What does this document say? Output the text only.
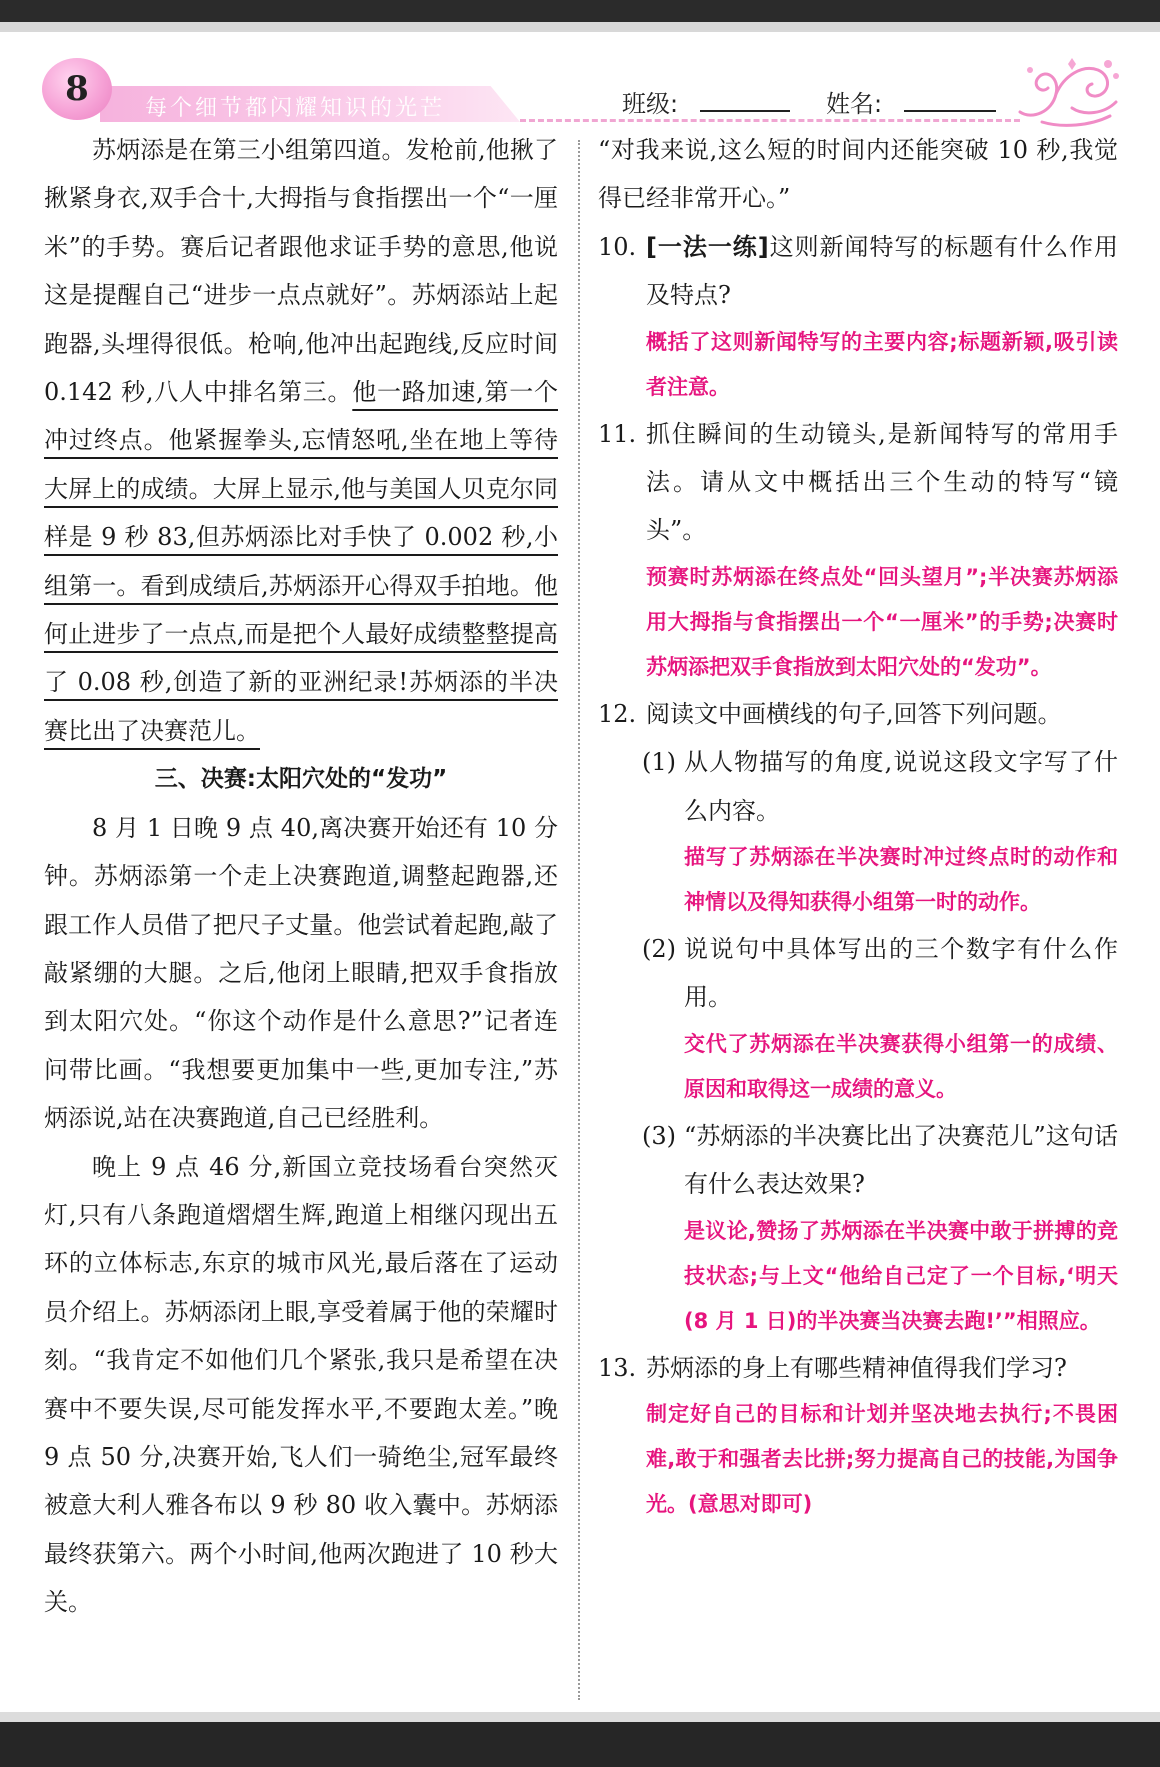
每个细节都闪耀知识的光芒
8	班级:	姓名:

苏炳添是在第三小组第四道。发枪前,他揪了揪紧身衣,双手合十,大拇指与食指摆出一个“一厘米”的手势。赛后记者跟他求证手势的意思,他说这是提醒自己“进步一点点就好”。苏炳添站上起跑器,头埋得很低。枪响,他冲出起跑线,反应时间 0.142 秒,八人中排名第三。他一路加速,第一个冲过终点。他紧握拳头,忘情怒吼,坐在地上等待大屏上的成绩。大屏上显示,他与美国人贝克尔同样是 9 秒 83,但苏炳添比对手快了 0.002 秒,小组第一。看到成绩后,苏炳添开心得双手拍地。他何止进步了一点点,而是把个人最好成绩整整提高了 0.08 秒,创造了新的亚洲纪录!苏炳添的半决赛比出了决赛范儿。

三、决赛:太阳穴处的“发功”

8 月 1 日晚 9 点 40,离决赛开始还有 10 分钟。苏炳添第一个走上决赛跑道,调整起跑器,还跟工作人员借了把尺子丈量。他尝试着起跑,敲了敲紧绷的大腿。之后,他闭上眼睛,把双手食指放到太阳穴处。“你这个动作是什么意思?”记者连问带比画。“我想要更加集中一些,更加专注,”苏炳添说,站在决赛跑道,自己已经胜利。

晚上 9 点 46 分,新国立竞技场看台突然灭灯,只有八条跑道熠熠生辉,跑道上相继闪现出五环的立体标志,东京的城市风光,最后落在了运动员介绍上。苏炳添闭上眼,享受着属于他的荣耀时刻。“我肯定不如他们几个紧张,我只是希望在决赛中不要失误,尽可能发挥水平,不要跑太差。”晚 9 点 50 分,决赛开始,飞人们一骑绝尘,冠军最终被意大利人雅各布以 9 秒 80 收入囊中。苏炳添最终获第六。两个小时间,他两次跑进了 10 秒大关。

“对我来说,这么短的时间内还能突破 10 秒,我觉得已经非常开心。”

10. [一法一练]这则新闻特写的标题有什么作用及特点?

概括了这则新闻特写的主要内容;标题新颖,吸引读者注意。

11. 抓住瞬间的生动镜头,是新闻特写的常用手法。请从文中概括出三个生动的特写“镜头”。

预赛时苏炳添在终点处“回头望月”;半决赛苏炳添用大拇指与食指摆出一个“一厘米”的手势;决赛时苏炳添把双手食指放到太阳穴处的“发功”。

12. 阅读文中画横线的句子,回答下列问题。
(1) 从人物描写的角度,说说这段文字写了什么内容。

描写了苏炳添在半决赛时冲过终点时的动作和神情以及得知获得小组第一时的动作。

(2) 说说句中具体写出的三个数字有什么作用。

交代了苏炳添在半决赛获得小组第一的成绩、原因和取得这一成绩的意义。

(3) “苏炳添的半决赛比出了决赛范儿”这句话有什么表达效果?

是议论,赞扬了苏炳添在半决赛中敢于拼搏的竞技状态;与上文“他给自己定了一个目标,‘明天(8 月 1 日)的半决赛当决赛去跑!’”相照应。

13. 苏炳添的身上有哪些精神值得我们学习?

制定好自己的目标和计划并坚决地去执行;不畏困难,敢于和强者去比拼;努力提高自己的技能,为国争光。(意思对即可)
